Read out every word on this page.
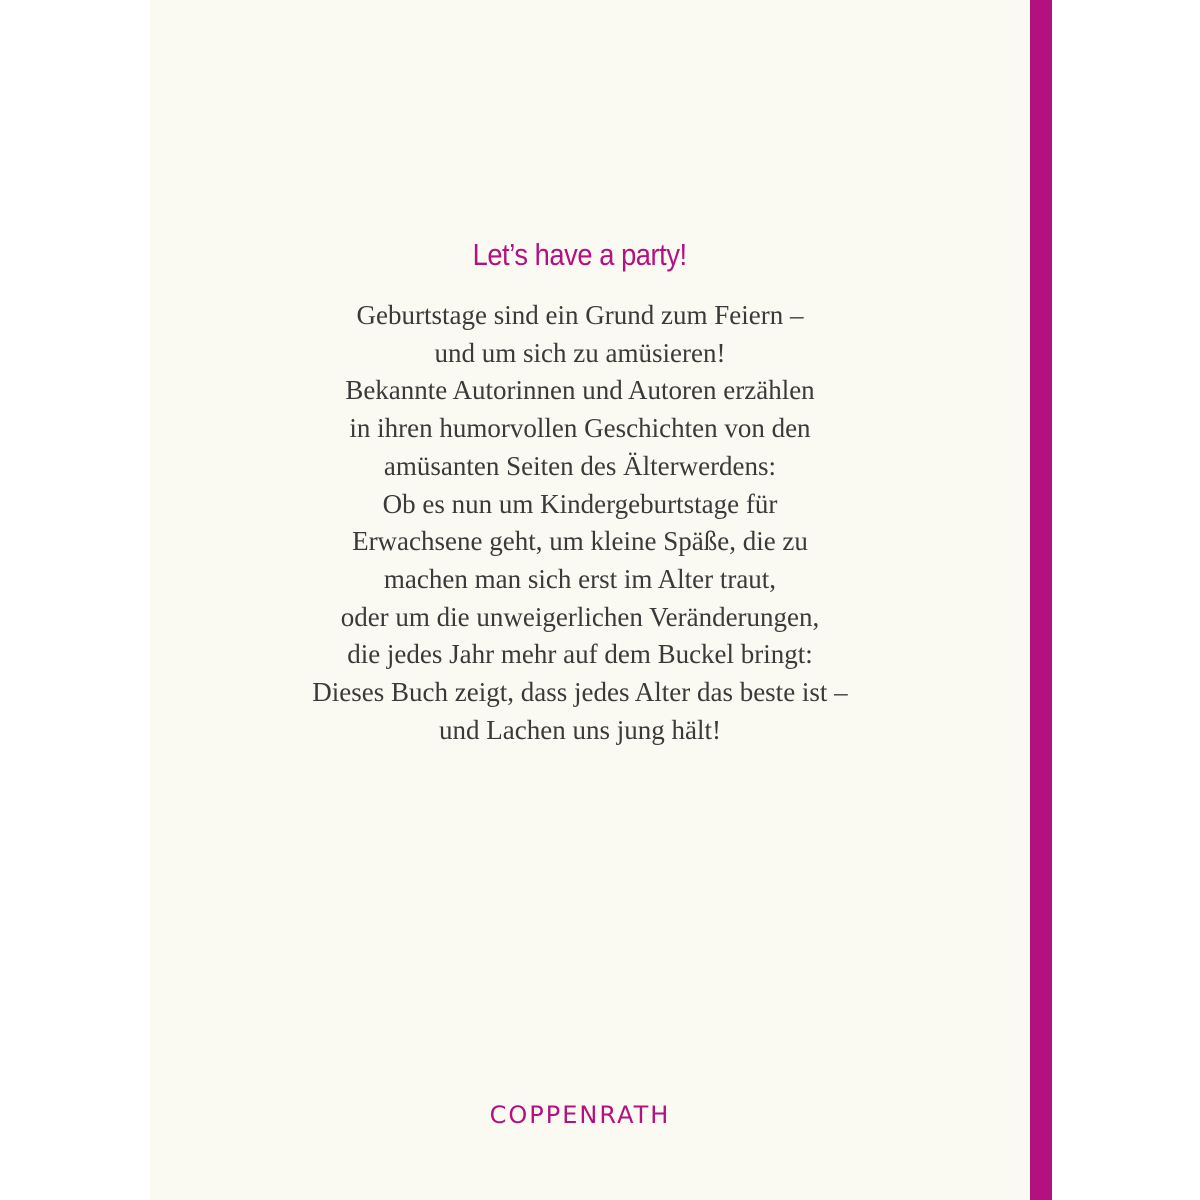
Let’s have a party!
Geburtstage sind ein Grund zum Feiern –
und um sich zu amüsieren!
Bekannte Autorinnen und Autoren erzählen
in ihren humorvollen Geschichten von den
amüsanten Seiten des Älterwerdens:
Ob es nun um Kindergeburtstage für
Erwachsene geht, um kleine Späße, die zu
machen man sich erst im Alter traut,
oder um die unweigerlichen Veränderungen,
die jedes Jahr mehr auf dem Buckel bringt:
Dieses Buch zeigt, dass jedes Alter das beste ist –
und Lachen uns jung hält!
COPPENRATH
